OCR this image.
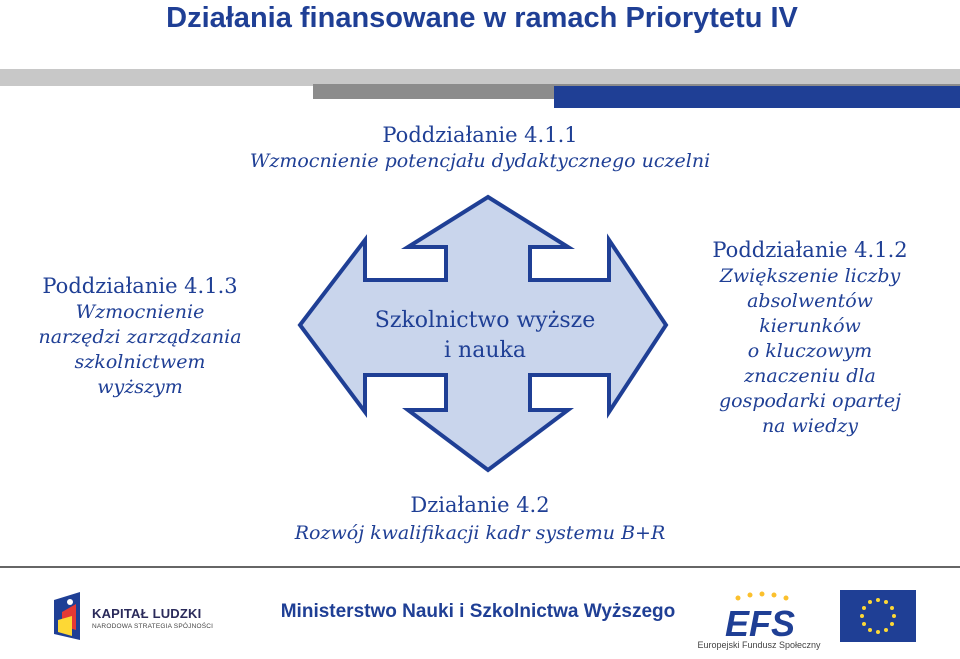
Działania finansowane w ramach Priorytetu IV
Szkolnictwo wyższe
i nauka
Poddziałanie 4.1.1
Wzmocnienie potencjału dydaktycznego uczelni
Poddziałanie 4.1.3
Wzmocnienie
narzędzi zarządzania
szkolnictwem
wyższym
Poddziałanie 4.1.2
Zwiększenie liczby
absolwentów
kierunków
o kluczowym
znaczeniu dla
gospodarki opartej
na wiedzy
Działanie 4.2
Rozwój kwalifikacji kadr systemu B+R
KAPITAŁ LUDZKI
NARODOWA STRATEGIA SPÓJNOŚCI
Ministerstwo Nauki i Szkolnictwa Wyższego	EFS
Europejski Fundusz Społeczny
